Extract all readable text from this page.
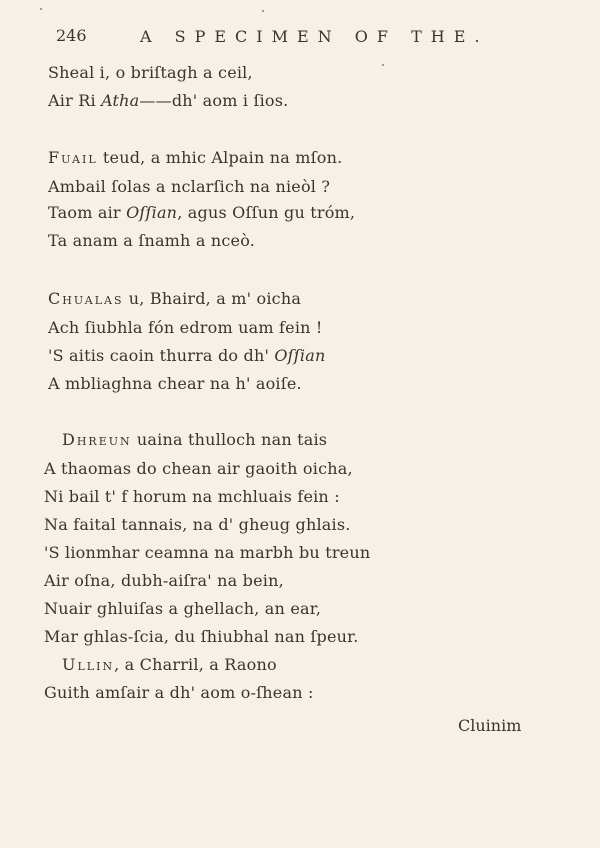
246	A SPECIMEN OF THE.
Sheal i, o briſtagh a ceil,
Air Ri Atha——dh' aom i ſios.
Fuail teud, a mhic Alpain na mſon.
Ambail ſolas a nclarſich na nieòl ?
Taom air Oſſian, agus Oſſun gu tróm,
Ta anam a ſnamh a nceò.
Chualas u, Bhaird, a m' oicha
Ach ſiubhla fón edrom uam fein !
'S aitis caoin thurra do dh' Oſſian
A mbliaghna chear na h' aoiſe.
Dhreun uaina thulloch nan tais
A thaomas do chean air gaoith oicha,
Ni bail t' f horum na mchluais fein :
Na faital tannais, na d' gheug ghlais.
'S lionmhar ceamna na marbh bu treun
Air oſna, dubh-aiſra' na bein,
Nuair ghluiſas a ghellach, an ear,
Mar ghlas-ſcia, du ſhiubhal nan ſpeur.
Ullin, a Charril, a Raono
Guith amſair a dh' aom o-ſhean :
Cluinim
